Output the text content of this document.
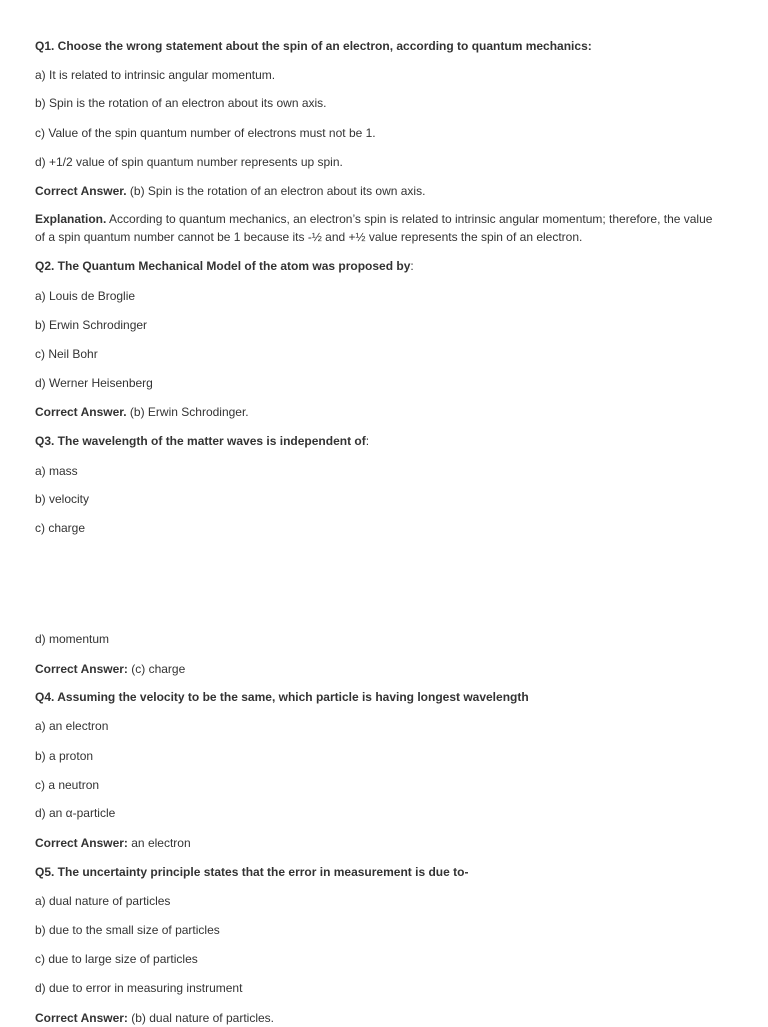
Q1. Choose the wrong statement about the spin of an electron, according to quantum mechanics:
a) It is related to intrinsic angular momentum.
b) Spin is the rotation of an electron about its own axis.
c) Value of the spin quantum number of electrons must not be 1.
d) +1/2 value of spin quantum number represents up spin.
Correct Answer. (b) Spin is the rotation of an electron about its own axis.
Explanation. According to quantum mechanics, an electron’s spin is related to intrinsic angular momentum; therefore, the value of a spin quantum number cannot be 1 because its -½ and +½ value represents the spin of an electron.
Q2. The Quantum Mechanical Model of the atom was proposed by:
a) Louis de Broglie
b) Erwin Schrodinger
c) Neil Bohr
d) Werner Heisenberg
Correct Answer. (b) Erwin Schrodinger.
Q3. The wavelength of the matter waves is independent of:
a) mass
b) velocity
c) charge
d) momentum
Correct Answer: (c) charge
Q4. Assuming the velocity to be the same, which particle is having longest wavelength
a) an electron
b) a proton
c) a neutron
d) an α-particle
Correct Answer: an electron
Q5. The uncertainty principle states that the error in measurement is due to-
a) dual nature of particles
b) due to the small size of particles
c) due to large size of particles
d) due to error in measuring instrument
Correct Answer: (b) dual nature of particles.
